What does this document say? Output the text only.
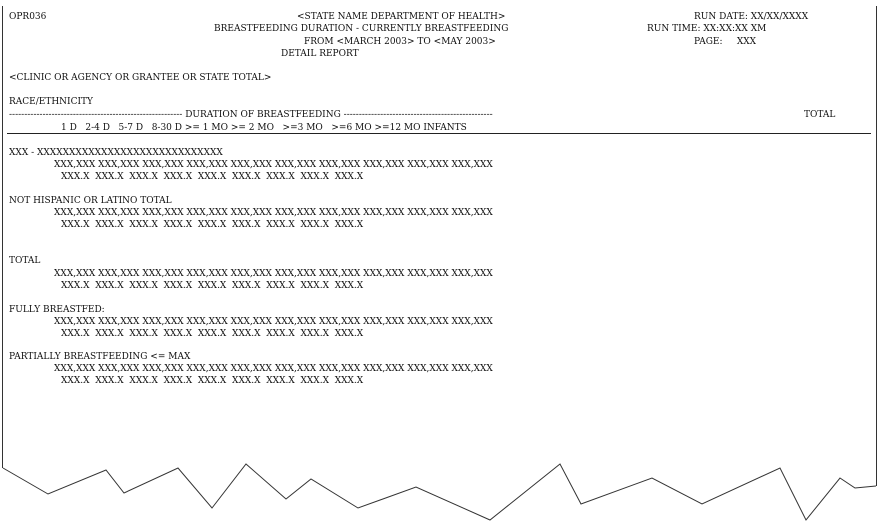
OPR036	<STATE NAME DEPARTMENT OF HEALTH>	RUN DATE: XX/XX/XXXX
BREASTFEEDING DURATION - CURRENTLY BREASTFEEDING	RUN TIME: XX:XX:XX XM
FROM <MARCH 2003> TO <MAY 2003>	PAGE:     XXX
DETAIL REPORT
<CLINIC OR AGENCY OR GRANTEE OR STATE TOTAL>
RACE/ETHNICITY
--------------------------------------------------------- DURATION OF BREASTFEEDING -------------------------------------------------	TOTAL
1 D   2-4 D   5-7 D   8-30 D >= 1 MO >= 2 MO   >=3 MO   >=6 MO >=12 MO INFANTS
XXX - XXXXXXXXXXXXXXXXXXXXXXXXXXXXX
XXX,XXX XXX,XXX XXX,XXX XXX,XXX XXX,XXX XXX,XXX XXX,XXX XXX,XXX XXX,XXX XXX,XXX
XXX.X  XXX.X  XXX.X  XXX.X  XXX.X  XXX.X  XXX.X  XXX.X  XXX.X
NOT HISPANIC OR LATINO TOTAL
XXX,XXX XXX,XXX XXX,XXX XXX,XXX XXX,XXX XXX,XXX XXX,XXX XXX,XXX XXX,XXX XXX,XXX
XXX.X  XXX.X  XXX.X  XXX.X  XXX.X  XXX.X  XXX.X  XXX.X  XXX.X
TOTAL
XXX,XXX XXX,XXX XXX,XXX XXX,XXX XXX,XXX XXX,XXX XXX,XXX XXX,XXX XXX,XXX XXX,XXX
XXX.X  XXX.X  XXX.X  XXX.X  XXX.X  XXX.X  XXX.X  XXX.X  XXX.X
FULLY BREASTFED:
XXX,XXX XXX,XXX XXX,XXX XXX,XXX XXX,XXX XXX,XXX XXX,XXX XXX,XXX XXX,XXX XXX,XXX
XXX.X  XXX.X  XXX.X  XXX.X  XXX.X  XXX.X  XXX.X  XXX.X  XXX.X
PARTIALLY BREASTFEEDING <= MAX
XXX,XXX XXX,XXX XXX,XXX XXX,XXX XXX,XXX XXX,XXX XXX,XXX XXX,XXX XXX,XXX XXX,XXX
XXX.X  XXX.X  XXX.X  XXX.X  XXX.X  XXX.X  XXX.X  XXX.X  XXX.X
